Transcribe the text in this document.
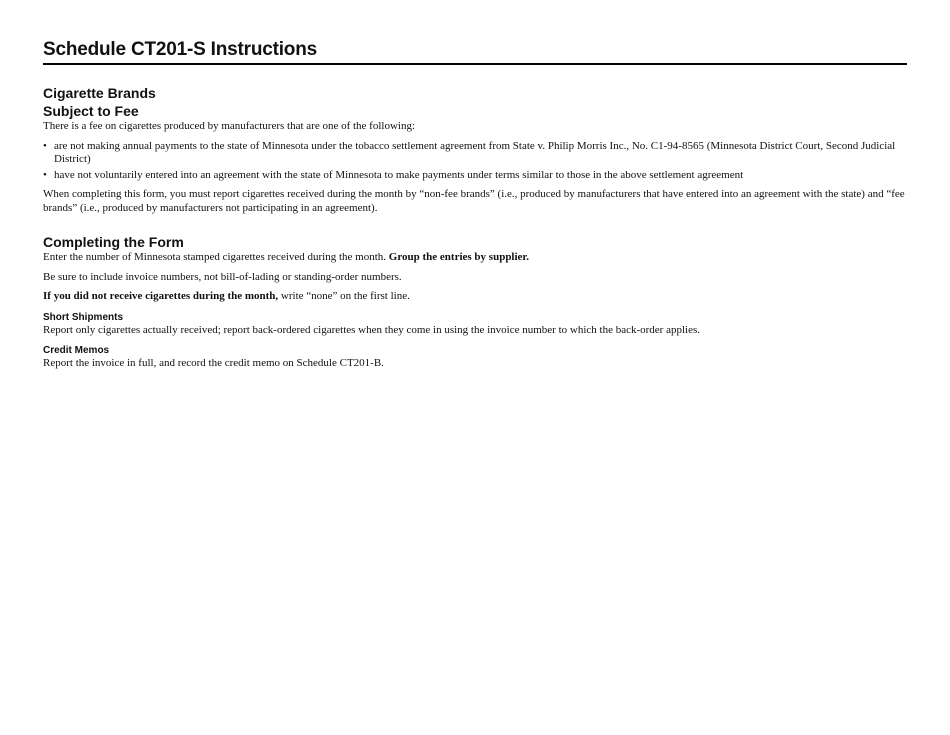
Schedule CT201-S Instructions
Cigarette Brands
Subject to Fee

There is a fee on cigarettes produced by manufacturers that are one of the following:

• are not making annual payments to the state of Minnesota under the tobacco settlement agreement from State v. Philip Morris Inc., No. C1-94-8565 (Minnesota District Court, Second Judicial District)
• have not voluntarily entered into an agreement with the state of Minnesota to make payments under terms similar to those in the above settlement agreement

When completing this form, you must report cigarettes received during the month by “non-fee brands” (i.e., produced by manufacturers that have entered into an agreement with the state) and “fee brands” (i.e., produced by manufacturers not participating in an agreement).

Completing the Form

Enter the number of Minnesota stamped cigarettes received during the month. Group the entries by supplier.

Be sure to include invoice numbers, not bill-of-lading or standing-order numbers.

If you did not receive cigarettes during the month, write “none” on the first line.

Short Shipments

Report only cigarettes actually received; report back-ordered cigarettes when they come in using the invoice number to which the back-order applies.

Credit Memos

Report the invoice in full, and record the credit memo on Schedule CT201-B.
